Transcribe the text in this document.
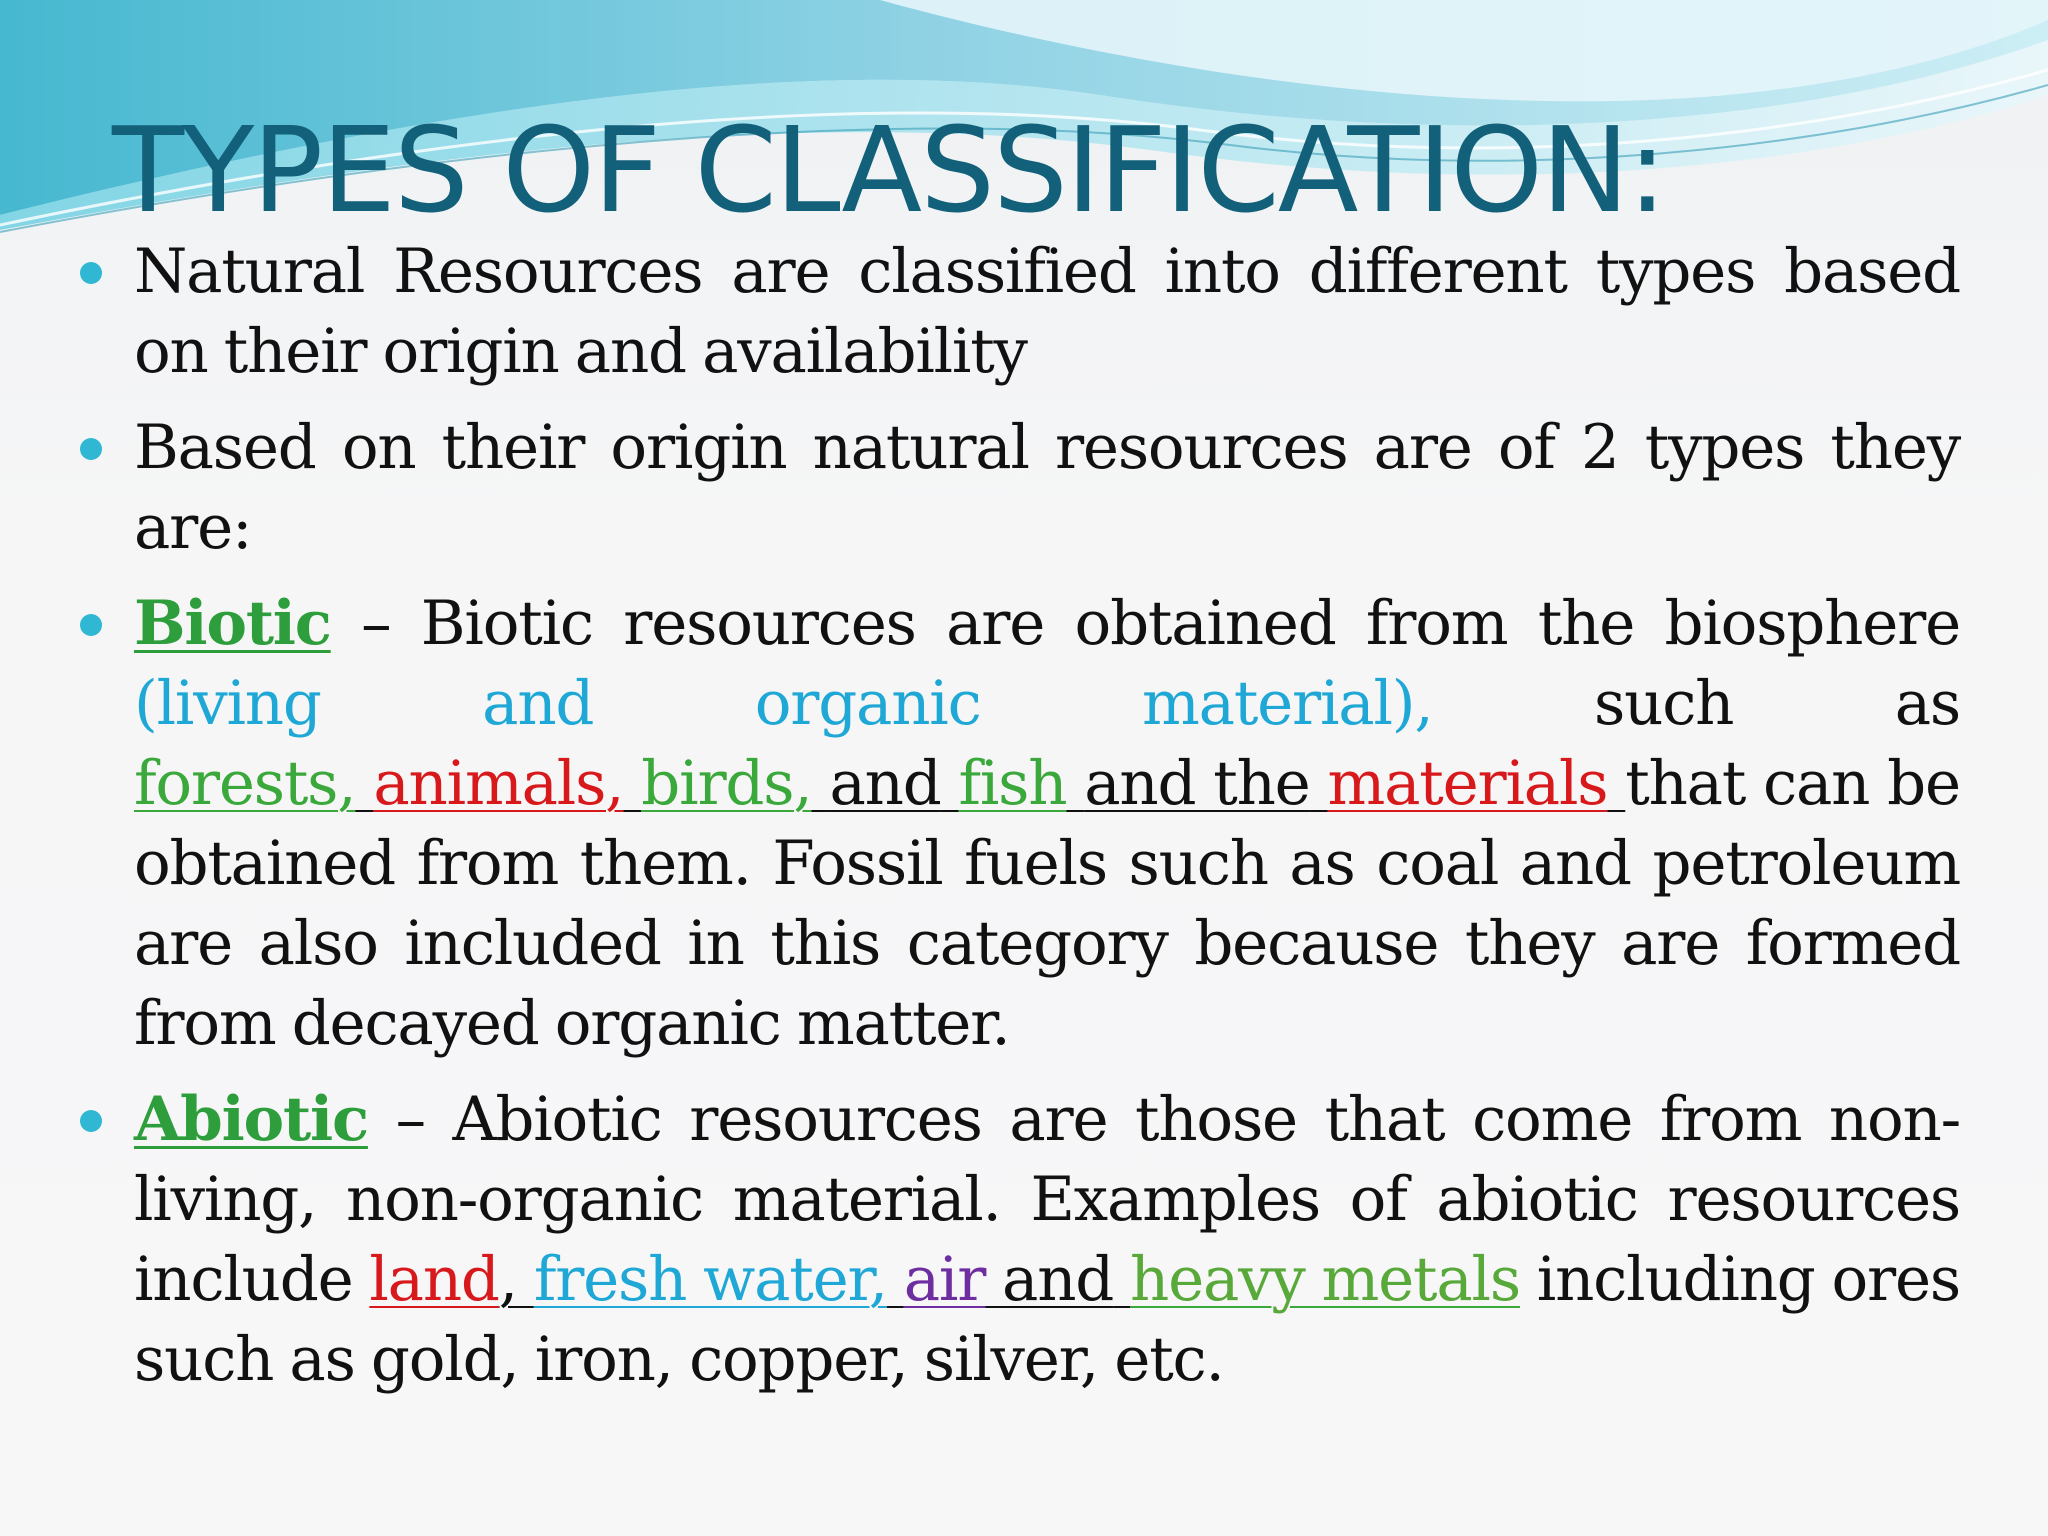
TYPES OF CLASSIFICATION:

Natural Resources are classified into different types based on their origin and availability

Based on their origin natural resources are of 2 types they are:

Biotic – Biotic resources are obtained from the biosphere (living and organic material), such as forests, animals, birds, and fish and the materials that can be obtained from them. Fossil fuels such as coal and petroleum are also included in this category because they are formed from decayed organic matter.

Abiotic – Abiotic resources are those that come from non-living, non-organic material. Examples of abiotic resources include land, fresh water, air and heavy metals including ores such as gold, iron, copper, silver, etc.
